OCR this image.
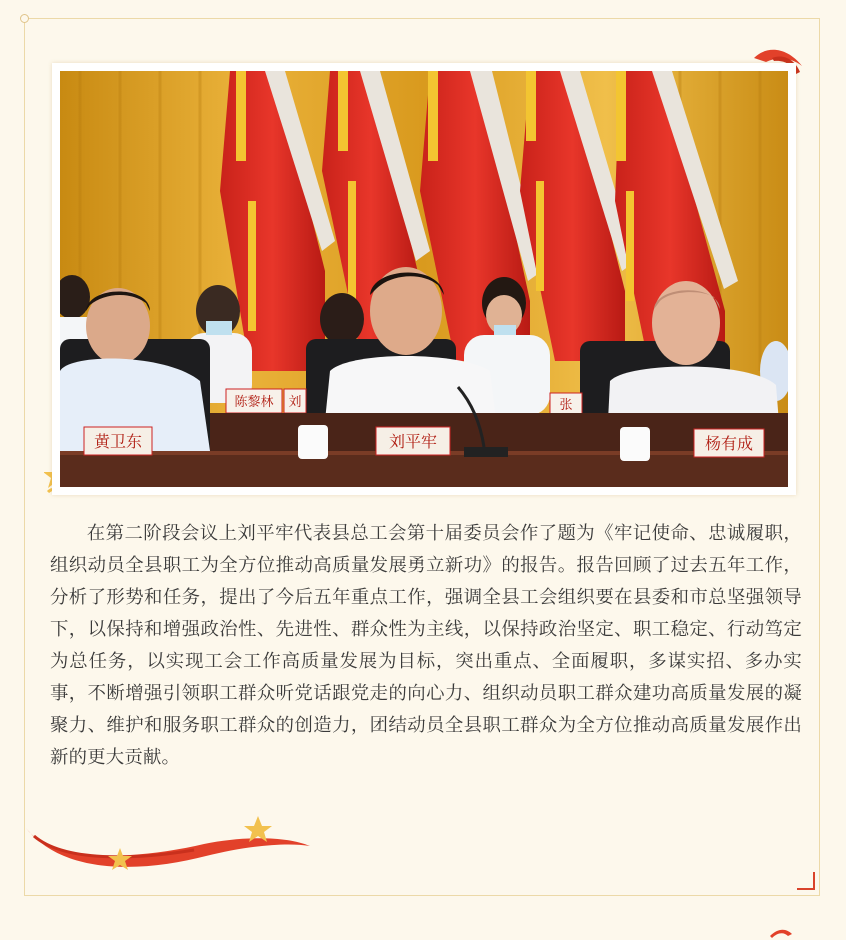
陈黎林 刘	张
黄卫东	刘平牢	杨有成

在第二阶段会议上刘平牢代表县总工会第十届委员会作了题为《牢记使命、忠诚履职，组织动员全县职工为全方位推动高质量发展勇立新功》的报告。报告回顾了过去五年工作，分析了形势和任务，提出了今后五年重点工作，强调全县工会组织要在县委和市总坚强领导下，以保持和增强政治性、先进性、群众性为主线，以保持政治坚定、职工稳定、行动笃定为总任务，以实现工会工作高质量发展为目标，突出重点、全面履职，多谋实招、多办实事，不断增强引领职工群众听党话跟党走的向心力、组织动员职工群众建功高质量发展的凝聚力、维护和服务职工群众的创造力，团结动员全县职工群众为全方位推动高质量发展作出新的更大贡献。
